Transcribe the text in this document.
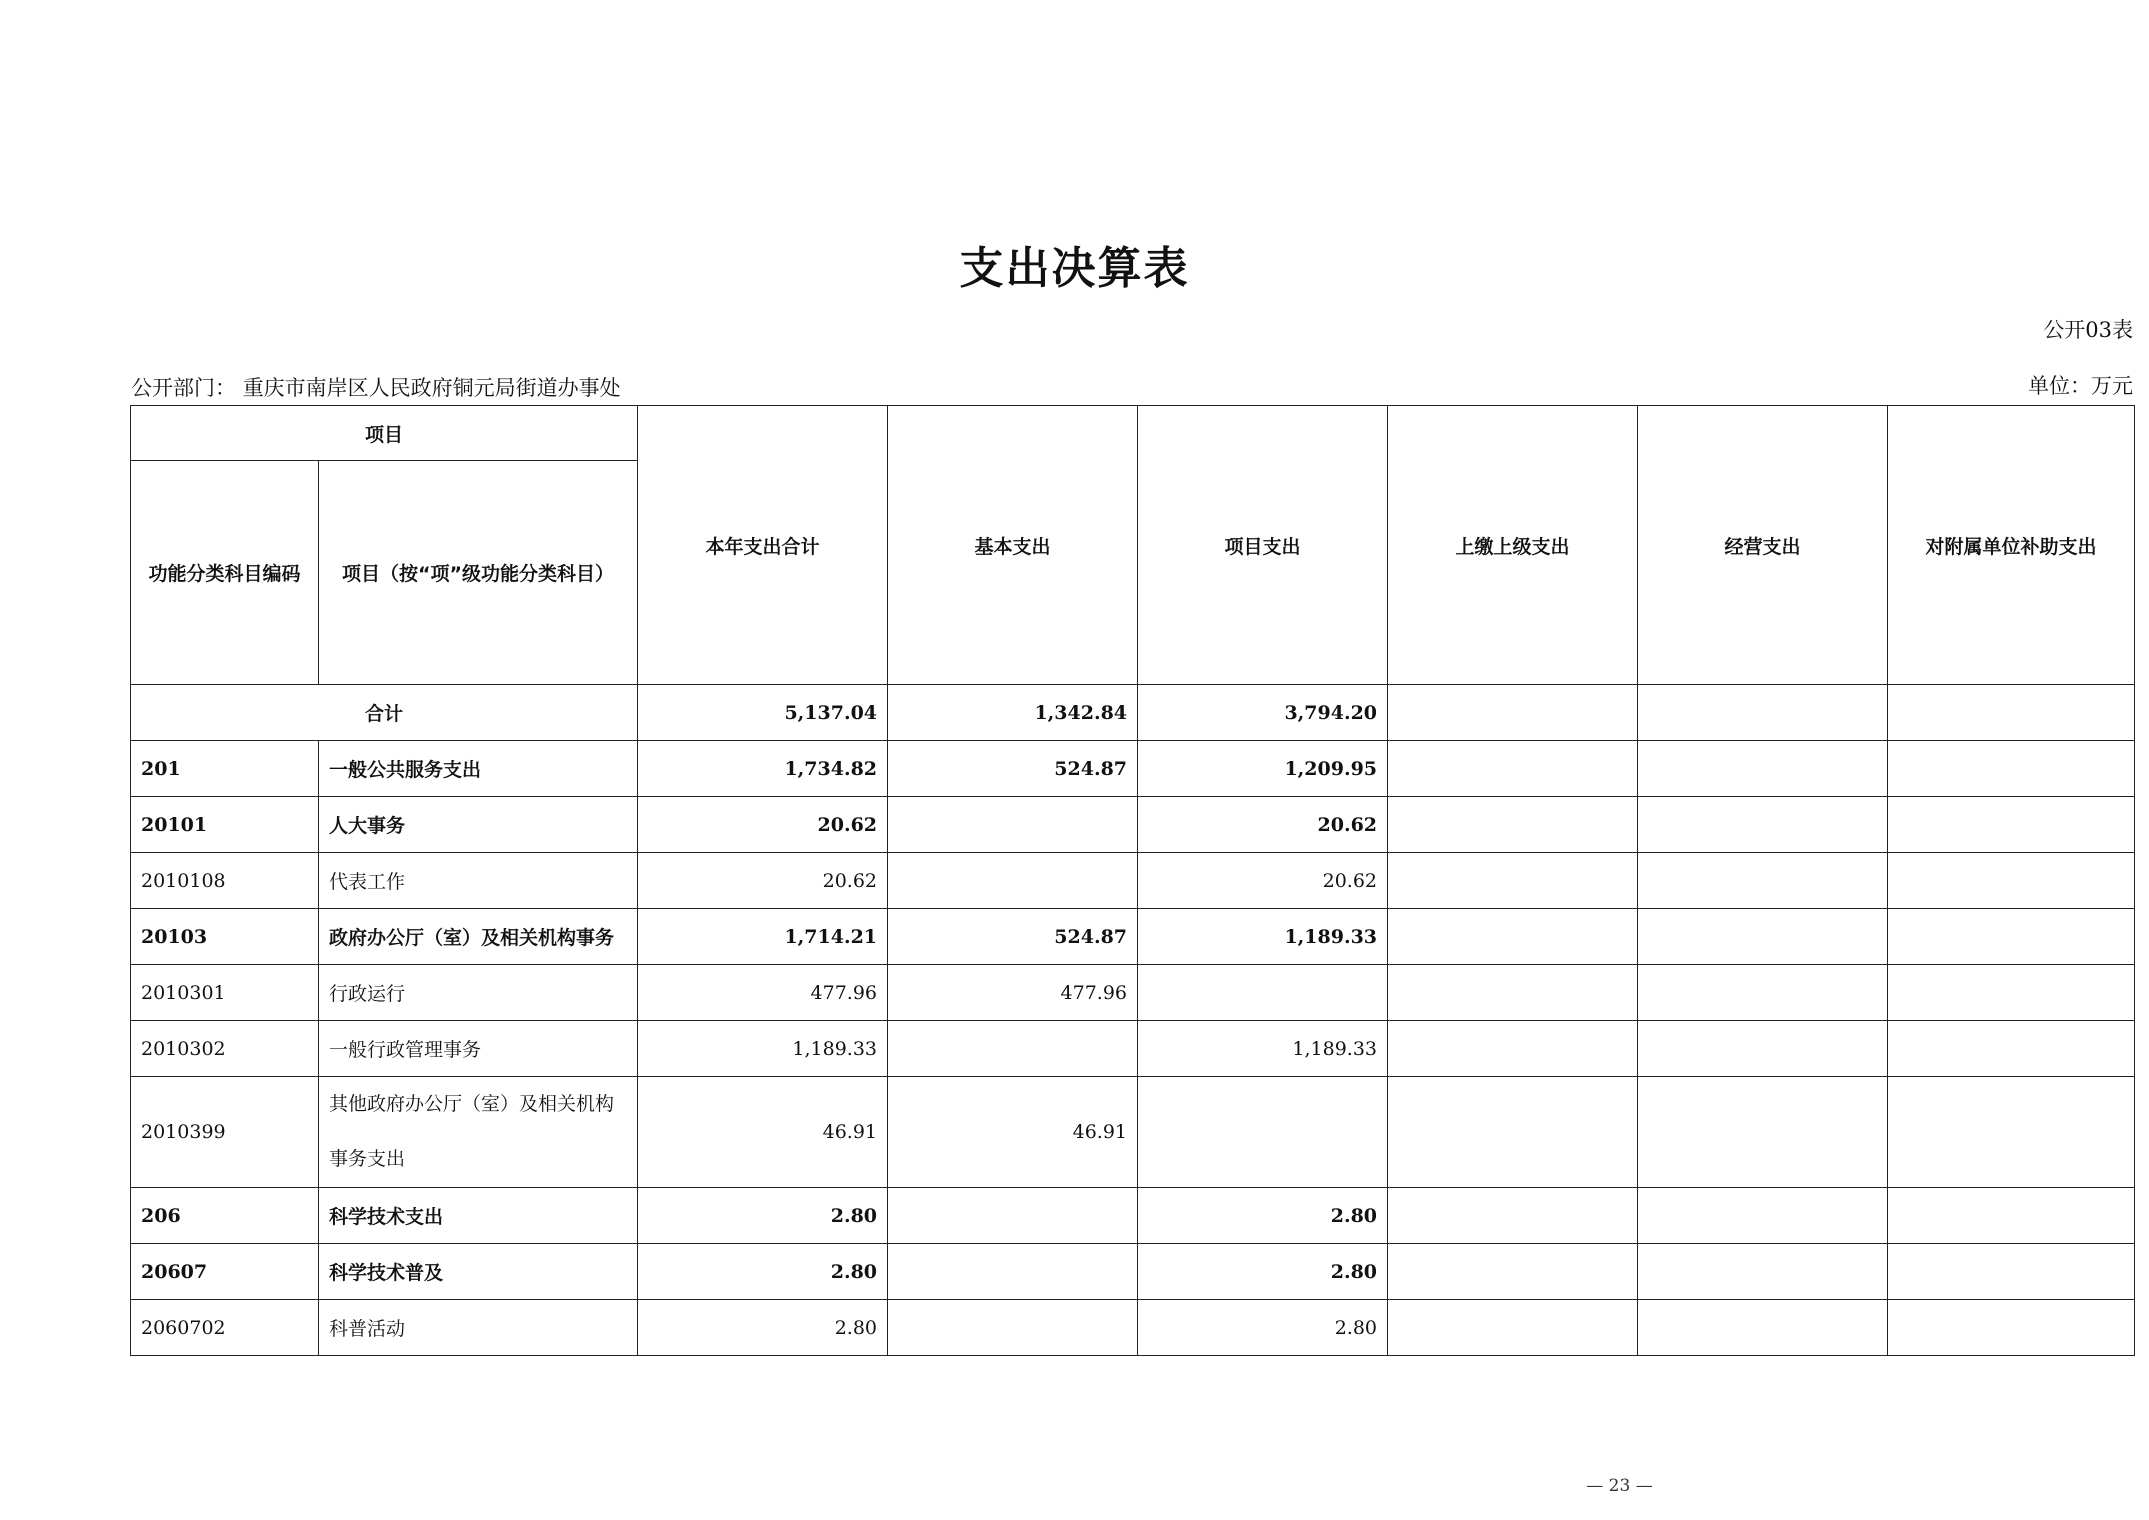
支出决算表
公开03表
公开部门： 重庆市南岸区人民政府铜元局街道办事处	单位：万元
项目		本年支出合计	基本支出	项目支出	上缴上级支出	经营支出	对附属单位补助支出
功能分类科目编码	项目（按“项”级功能分类科目）						
合计		5,137.04	1,342.84	3,794.20			
201	一般公共服务支出	1,734.82	524.87	1,209.95			
20101	人大事务	20.62		20.62			
2010108	代表工作	20.62		20.62			
20103	政府办公厅（室）及相关机构事务	1,714.21	524.87	1,189.33			
2010301	行政运行	477.96	477.96				
2010302	一般行政管理事务	1,189.33		1,189.33			
2010399	其他政府办公厅（室）及相关机构事务支出	46.91	46.91				
206	科学技术支出	2.80		2.80			
20607	科学技术普及	2.80		2.80			
2060702	科普活动	2.80		2.80			
— 23 —
